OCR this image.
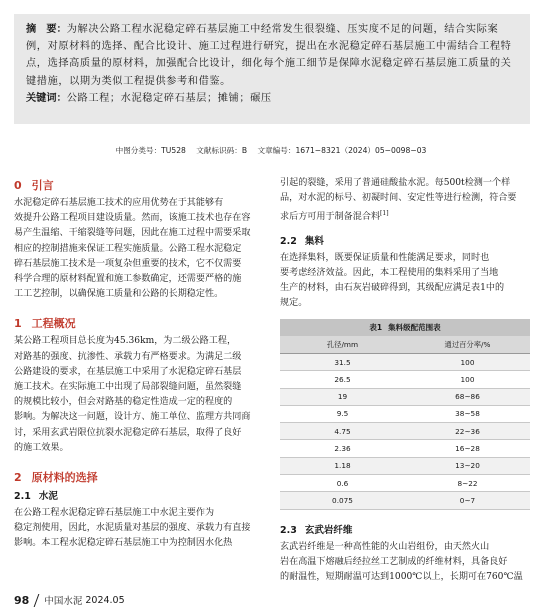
摘　要：为解决公路工程水泥稳定碎石基层施工中经常发生很裂缝、压实度不足的问题，结合实际案
例，对原材料的选择、配合比设计、施工过程进行研究，提出在水泥稳定碎石基层施工中需结合工程特
点，选择高质量的原材料，加强配合比设计，细化每个施工细节是保障水泥稳定碎石基层施工质量的关
键措施，以期为类似工程提供参考和借鉴。
关键词：公路工程；水泥稳定碎石基层；摊铺；碾压
中图分类号：TU528 文献标识码：B 文章编号：1671−8321（2024）05−0098−03
0 引言
水泥稳定碎石基层施工技术的应用优势在于其能够有
效提升公路工程项目建设质量。然而，该施工技术也存在容
易产生温缩、干缩裂缝等问题，因此在施工过程中需要采取
相应的控制措施来保证工程实施质量。公路工程水泥稳定
碎石基层施工技术是一项复杂但重要的技术，它不仅需要
科学合理的原材料配置和施工参数确定，还需要严格的施
工工艺控制，以确保施工质量和公路的长期稳定性。
1 工程概况
某公路工程项目总长度为45.36km，为二级公路工程，
对路基的强度、抗渗性、承载力有严格要求。为满足二级
公路建设的要求，在基层施工中采用了水泥稳定碎石基层
施工技术。在实际施工中出现了局部裂缝问题，虽然裂缝
的规模比较小，但会对路基的稳定性造成一定的程度的
影响。为解决这一问题，设计方、施工单位、监理方共同商
讨，采用玄武岩限位抗裂水泥稳定碎石基层，取得了良好
的施工效果。
2 原材料的选择
2.1 水泥
在公路工程水泥稳定碎石基层施工中水泥主要作为
稳定剂使用，因此，水泥质量对基层的强度、承载力有直接
影响。本工程水泥稳定碎石基层施工中为控制因水化热
引起的裂缝，采用了普通硅酸盐水泥。每500t检测一个样
品，对水泥的标号、初凝时间、安定性等进行检测，符合要
求后方可用于制备混合料[1]
2.2 集料
在选择集料，既要保证质量和性能满足要求，同时也
要考虑经济效益。因此，本工程使用的集料采用了当地
生产的材料，由石灰岩破碎得到，其级配应满足表1中的
规定。
表1 集料级配范围表
孔径/mm	通过百分率/%
31.5	100
26.5	100
19	68~86
9.5	38~58
4.75	22~36
2.36	16~28
1.18	13~20
0.6	8~22
0.075	0~7
2.3 玄武岩纤维
玄武岩纤维是一种高性能的火山岩组份，由天然火山
岩在高温下熔融后经拉丝工艺制成的纤维材料，具备良好
的耐温性，短期耐温可达到1000℃以上，长期可在760℃温
98 中国水泥
2024.05
